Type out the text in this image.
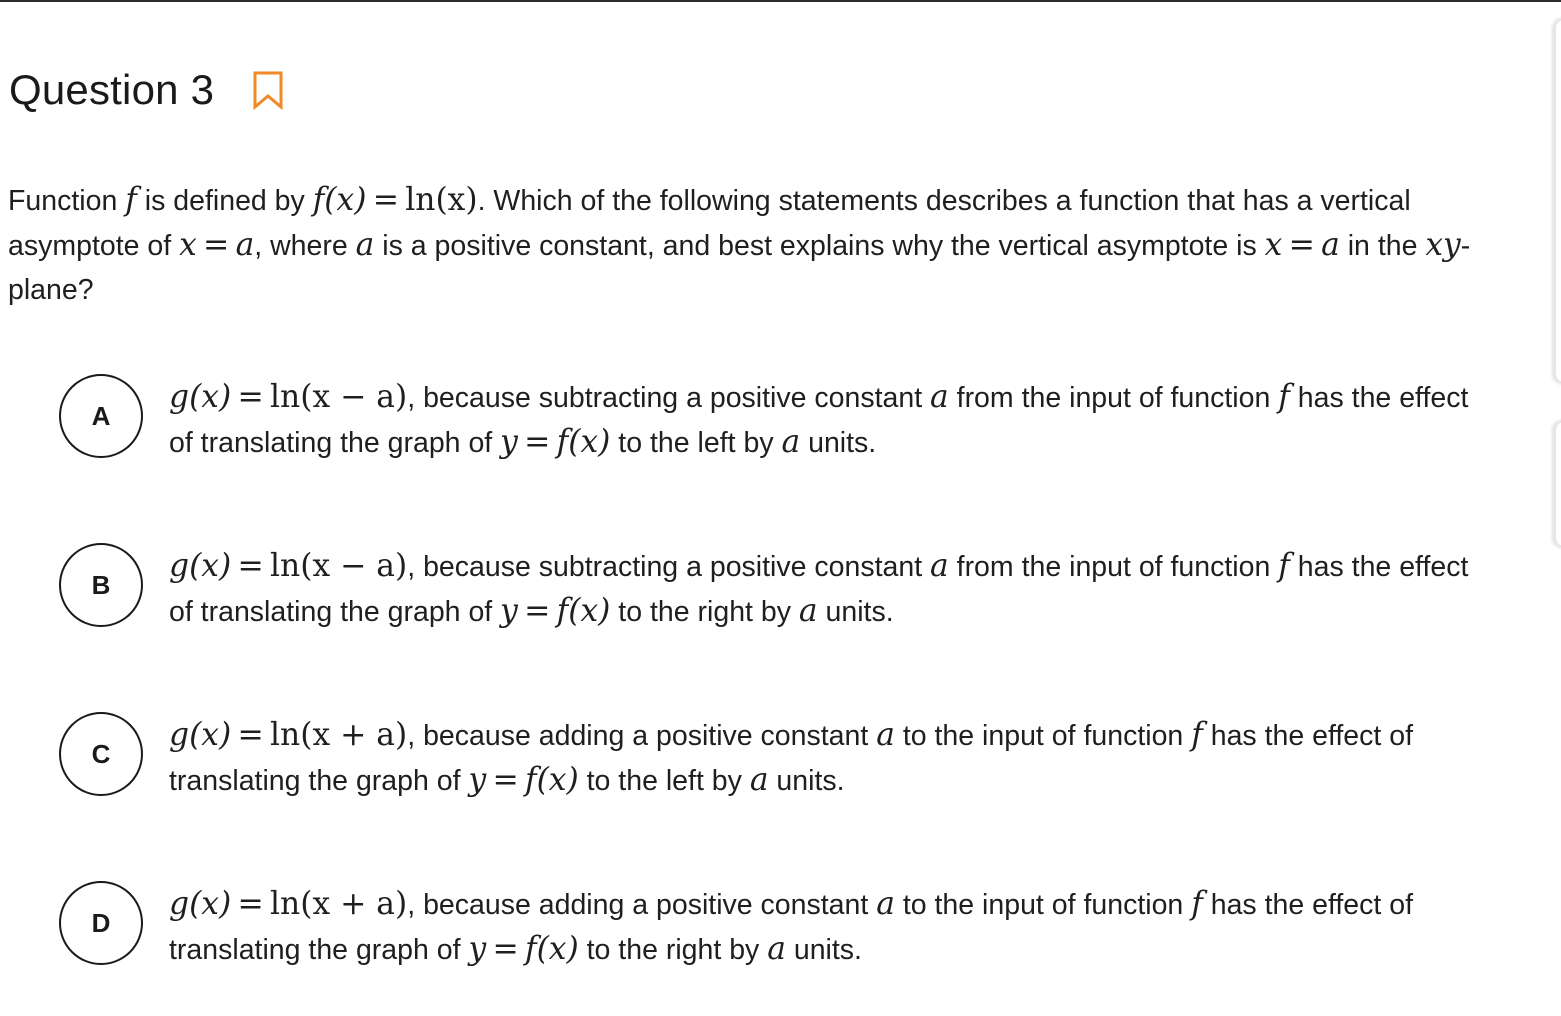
Question 3
Function f is defined by f(x) = ln(x). Which of the following statements describes a function that has a vertical asymptote of x = a, where a is a positive constant, and best explains why the vertical asymptote is x = a in the xy-plane?
A
g(x) = ln(x − a), because subtracting a positive constant a from the input of function f has the effect of translating the graph of y = f(x) to the left by a units.
B
g(x) = ln(x − a), because subtracting a positive constant a from the input of function f has the effect of translating the graph of y = f(x) to the right by a units.
C
g(x) = ln(x + a), because adding a positive constant a to the input of function f has the effect of translating the graph of y = f(x) to the left by a units.
D
g(x) = ln(x + a), because adding a positive constant a to the input of function f has the effect of translating the graph of y = f(x) to the right by a units.
